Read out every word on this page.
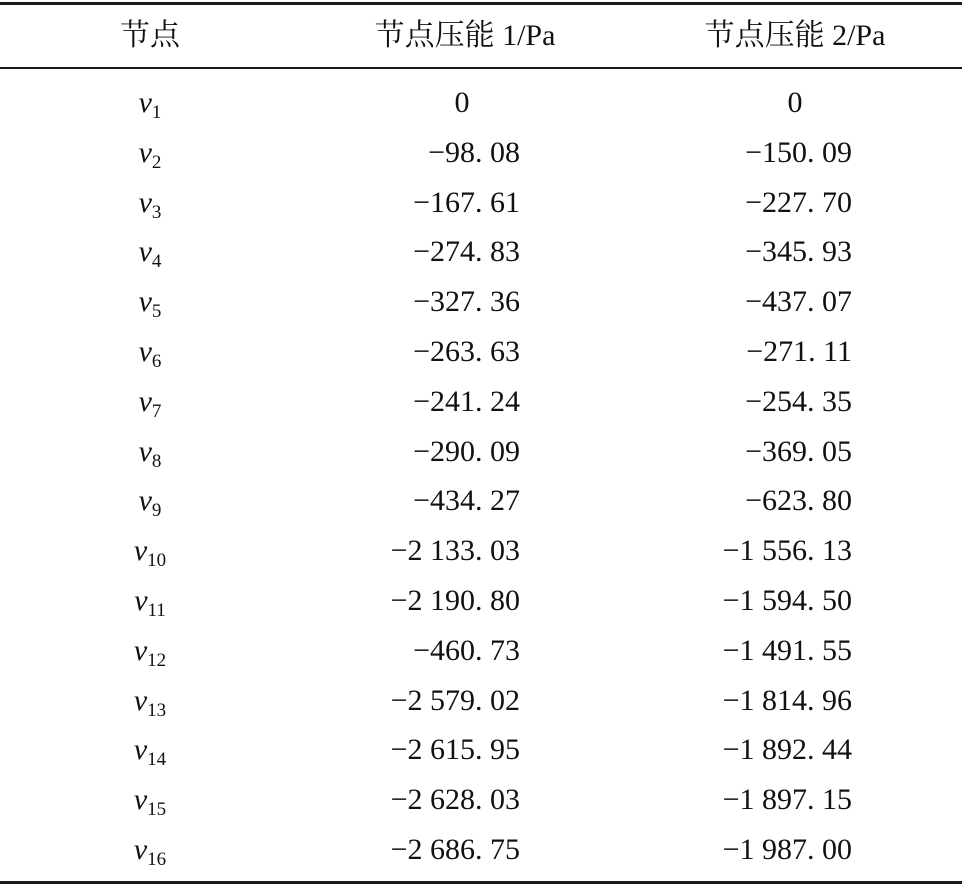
节点	节点压能 1/Pa	节点压能 2/Pa
$v_1$	0	0
$v_2$	−98. 08	−150. 09
$v_3$	−167. 61	−227. 70
$v_4$	−274. 83	−345. 93
$v_5$	−327. 36	−437. 07
$v_6$	−263. 63	−271. 11
$v_7$	−241. 24	−254. 35
$v_8$	−290. 09	−369. 05
$v_9$	−434. 27	−623. 80
$v_{10}$	−2 133. 03	−1 556. 13
$v_{11}$	−2 190. 80	−1 594. 50
$v_{12}$	−460. 73	−1 491. 55
$v_{13}$	−2 579. 02	−1 814. 96
$v_{14}$	−2 615. 95	−1 892. 44
$v_{15}$	−2 628. 03	−1 897. 15
$v_{16}$	−2 686. 75	−1 987. 00
